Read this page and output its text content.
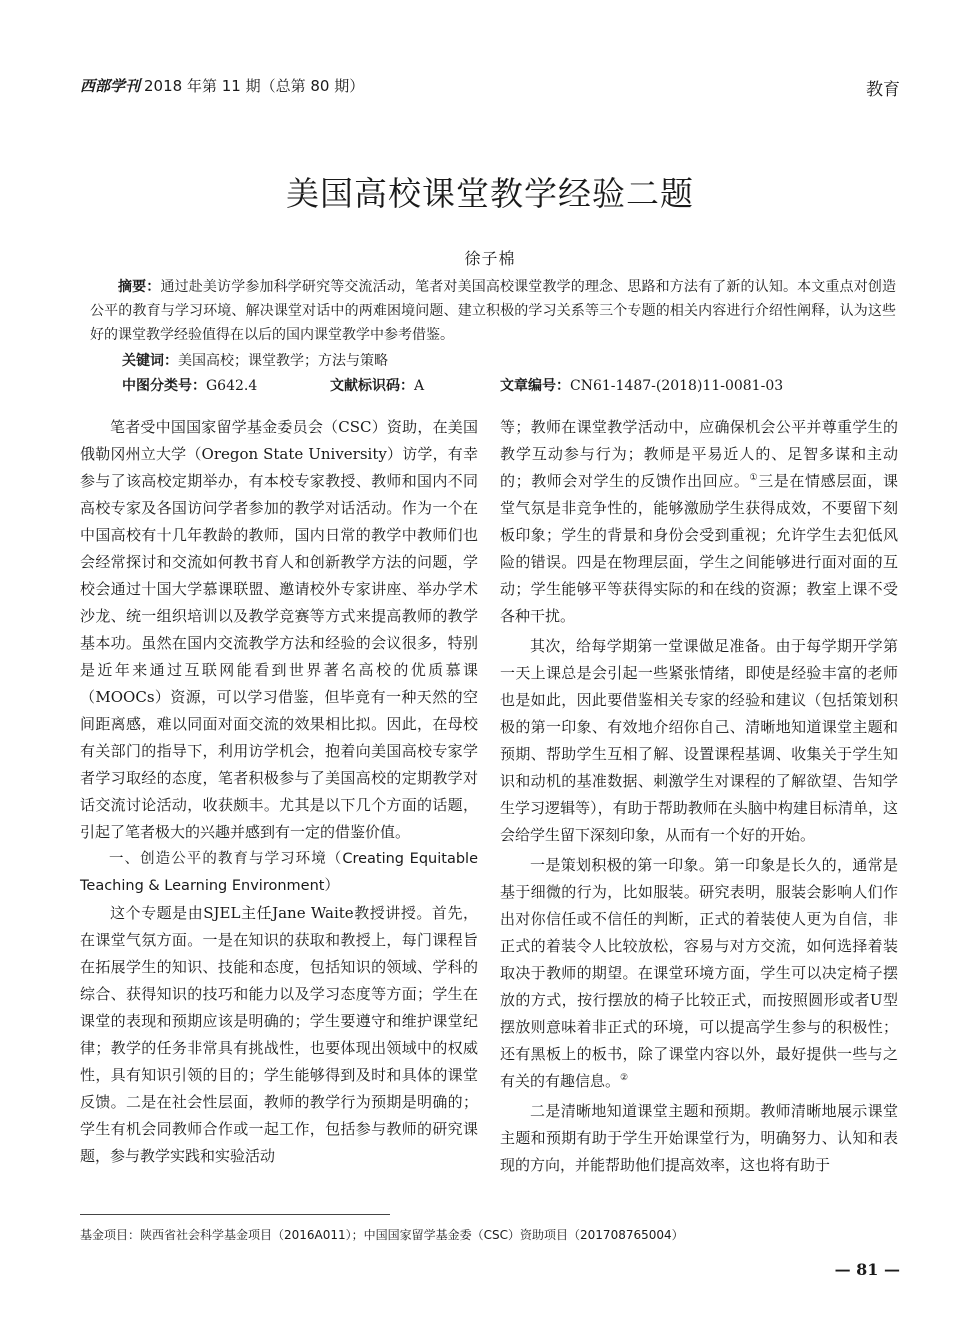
西部学刊 2018 年第 11 期（总第 80 期）	教育
美国高校课堂教学经验二题
徐子棉
摘要：通过赴美访学参加科学研究等交流活动，笔者对美国高校课堂教学的理念、思路和方法有了新的认知。本文重点对创造公平的教育与学习环境、解决课堂对话中的两难困境问题、建立积极的学习关系等三个专题的相关内容进行介绍性阐释，认为这些好的课堂教学经验值得在以后的国内课堂教学中参考借鉴。
关键词：美国高校；课堂教学；方法与策略
中图分类号：G642.4	文献标识码：A	文章编号：CN61-1487-(2018)11-0081-03

笔者受中国国家留学基金委员会（CSC）资助，在美国俄勒冈州立大学（Oregon State University）访学，有幸参与了该高校定期举办，有本校专家教授、教师和国内不同高校专家及各国访问学者参加的教学对话活动。作为一个在中国高校有十几年教龄的教师，国内日常的教学中教师们也会经常探讨和交流如何教书育人和创新教学方法的问题，学校会通过十国大学慕课联盟、邀请校外专家讲座、举办学术沙龙、统一组织培训以及教学竞赛等方式来提高教师的教学基本功。虽然在国内交流教学方法和经验的会议很多，特别是近年来通过互联网能看到世界著名高校的优质慕课（MOOCs）资源，可以学习借鉴，但毕竟有一种天然的空间距离感，难以同面对面交流的效果相比拟。因此，在母校有关部门的指导下，利用访学机会，抱着向美国高校专家学者学习取经的态度，笔者积极参与了美国高校的定期教学对话交流讨论活动，收获颇丰。尤其是以下几个方面的话题，引起了笔者极大的兴趣并感到有一定的借鉴价值。

一、创造公平的教育与学习环境（Creating Equitable Teaching & Learning Environment）

这个专题是由SJEL主任Jane Waite教授讲授。首先，在课堂气氛方面。一是在知识的获取和教授上，每门课程旨在拓展学生的知识、技能和态度，包括知识的领域、学科的综合、获得知识的技巧和能力以及学习态度等方面；学生在课堂的表现和预期应该是明确的；学生要遵守和维护课堂纪律；教学的任务非常具有挑战性，也要体现出领域中的权威性，具有知识引领的目的；学生能够得到及时和具体的课堂反馈。二是在社会性层面，教师的教学行为预期是明确的；学生有机会同教师合作或一起工作，包括参与教师的研究课题，参与教学实践和实验活动

等；教师在课堂教学活动中，应确保机会公平并尊重学生的教学互动参与行为；教师是平易近人的、足智多谋和主动的；教师会对学生的反馈作出回应。①三是在情感层面，课堂气氛是非竞争性的，能够激励学生获得成效，不要留下刻板印象；学生的背景和身份会受到重视；允许学生去犯低风险的错误。四是在物理层面，学生之间能够进行面对面的互动；学生能够平等获得实际的和在线的资源；教室上课不受各种干扰。

其次，给每学期第一堂课做足准备。由于每学期开学第一天上课总是会引起一些紧张情绪，即使是经验丰富的老师也是如此，因此要借鉴相关专家的经验和建议（包括策划积极的第一印象、有效地介绍你自己、清晰地知道课堂主题和预期、帮助学生互相了解、设置课程基调、收集关于学生知识和动机的基准数据、刺激学生对课程的了解欲望、告知学生学习逻辑等），有助于帮助教师在头脑中构建目标清单，这会给学生留下深刻印象，从而有一个好的开始。

一是策划积极的第一印象。第一印象是长久的，通常是基于细微的行为，比如服装。研究表明，服装会影响人们作出对你信任或不信任的判断，正式的着装使人更为自信，非正式的着装令人比较放松，容易与对方交流，如何选择着装取决于教师的期望。在课堂环境方面，学生可以决定椅子摆放的方式，按行摆放的椅子比较正式，而按照圆形或者U型摆放则意味着非正式的环境，可以提高学生参与的积极性；还有黑板上的板书，除了课堂内容以外，最好提供一些与之有关的有趣信息。②

二是清晰地知道课堂主题和预期。教师清晰地展示课堂主题和预期有助于学生开始课堂行为，明确努力、认知和表现的方向，并能帮助他们提高效率，这也将有助于

基金项目：陕西省社会科学基金项目（2016A011）；中国国家留学基金委（CSC）资助项目（201708765004）
— 81 —
